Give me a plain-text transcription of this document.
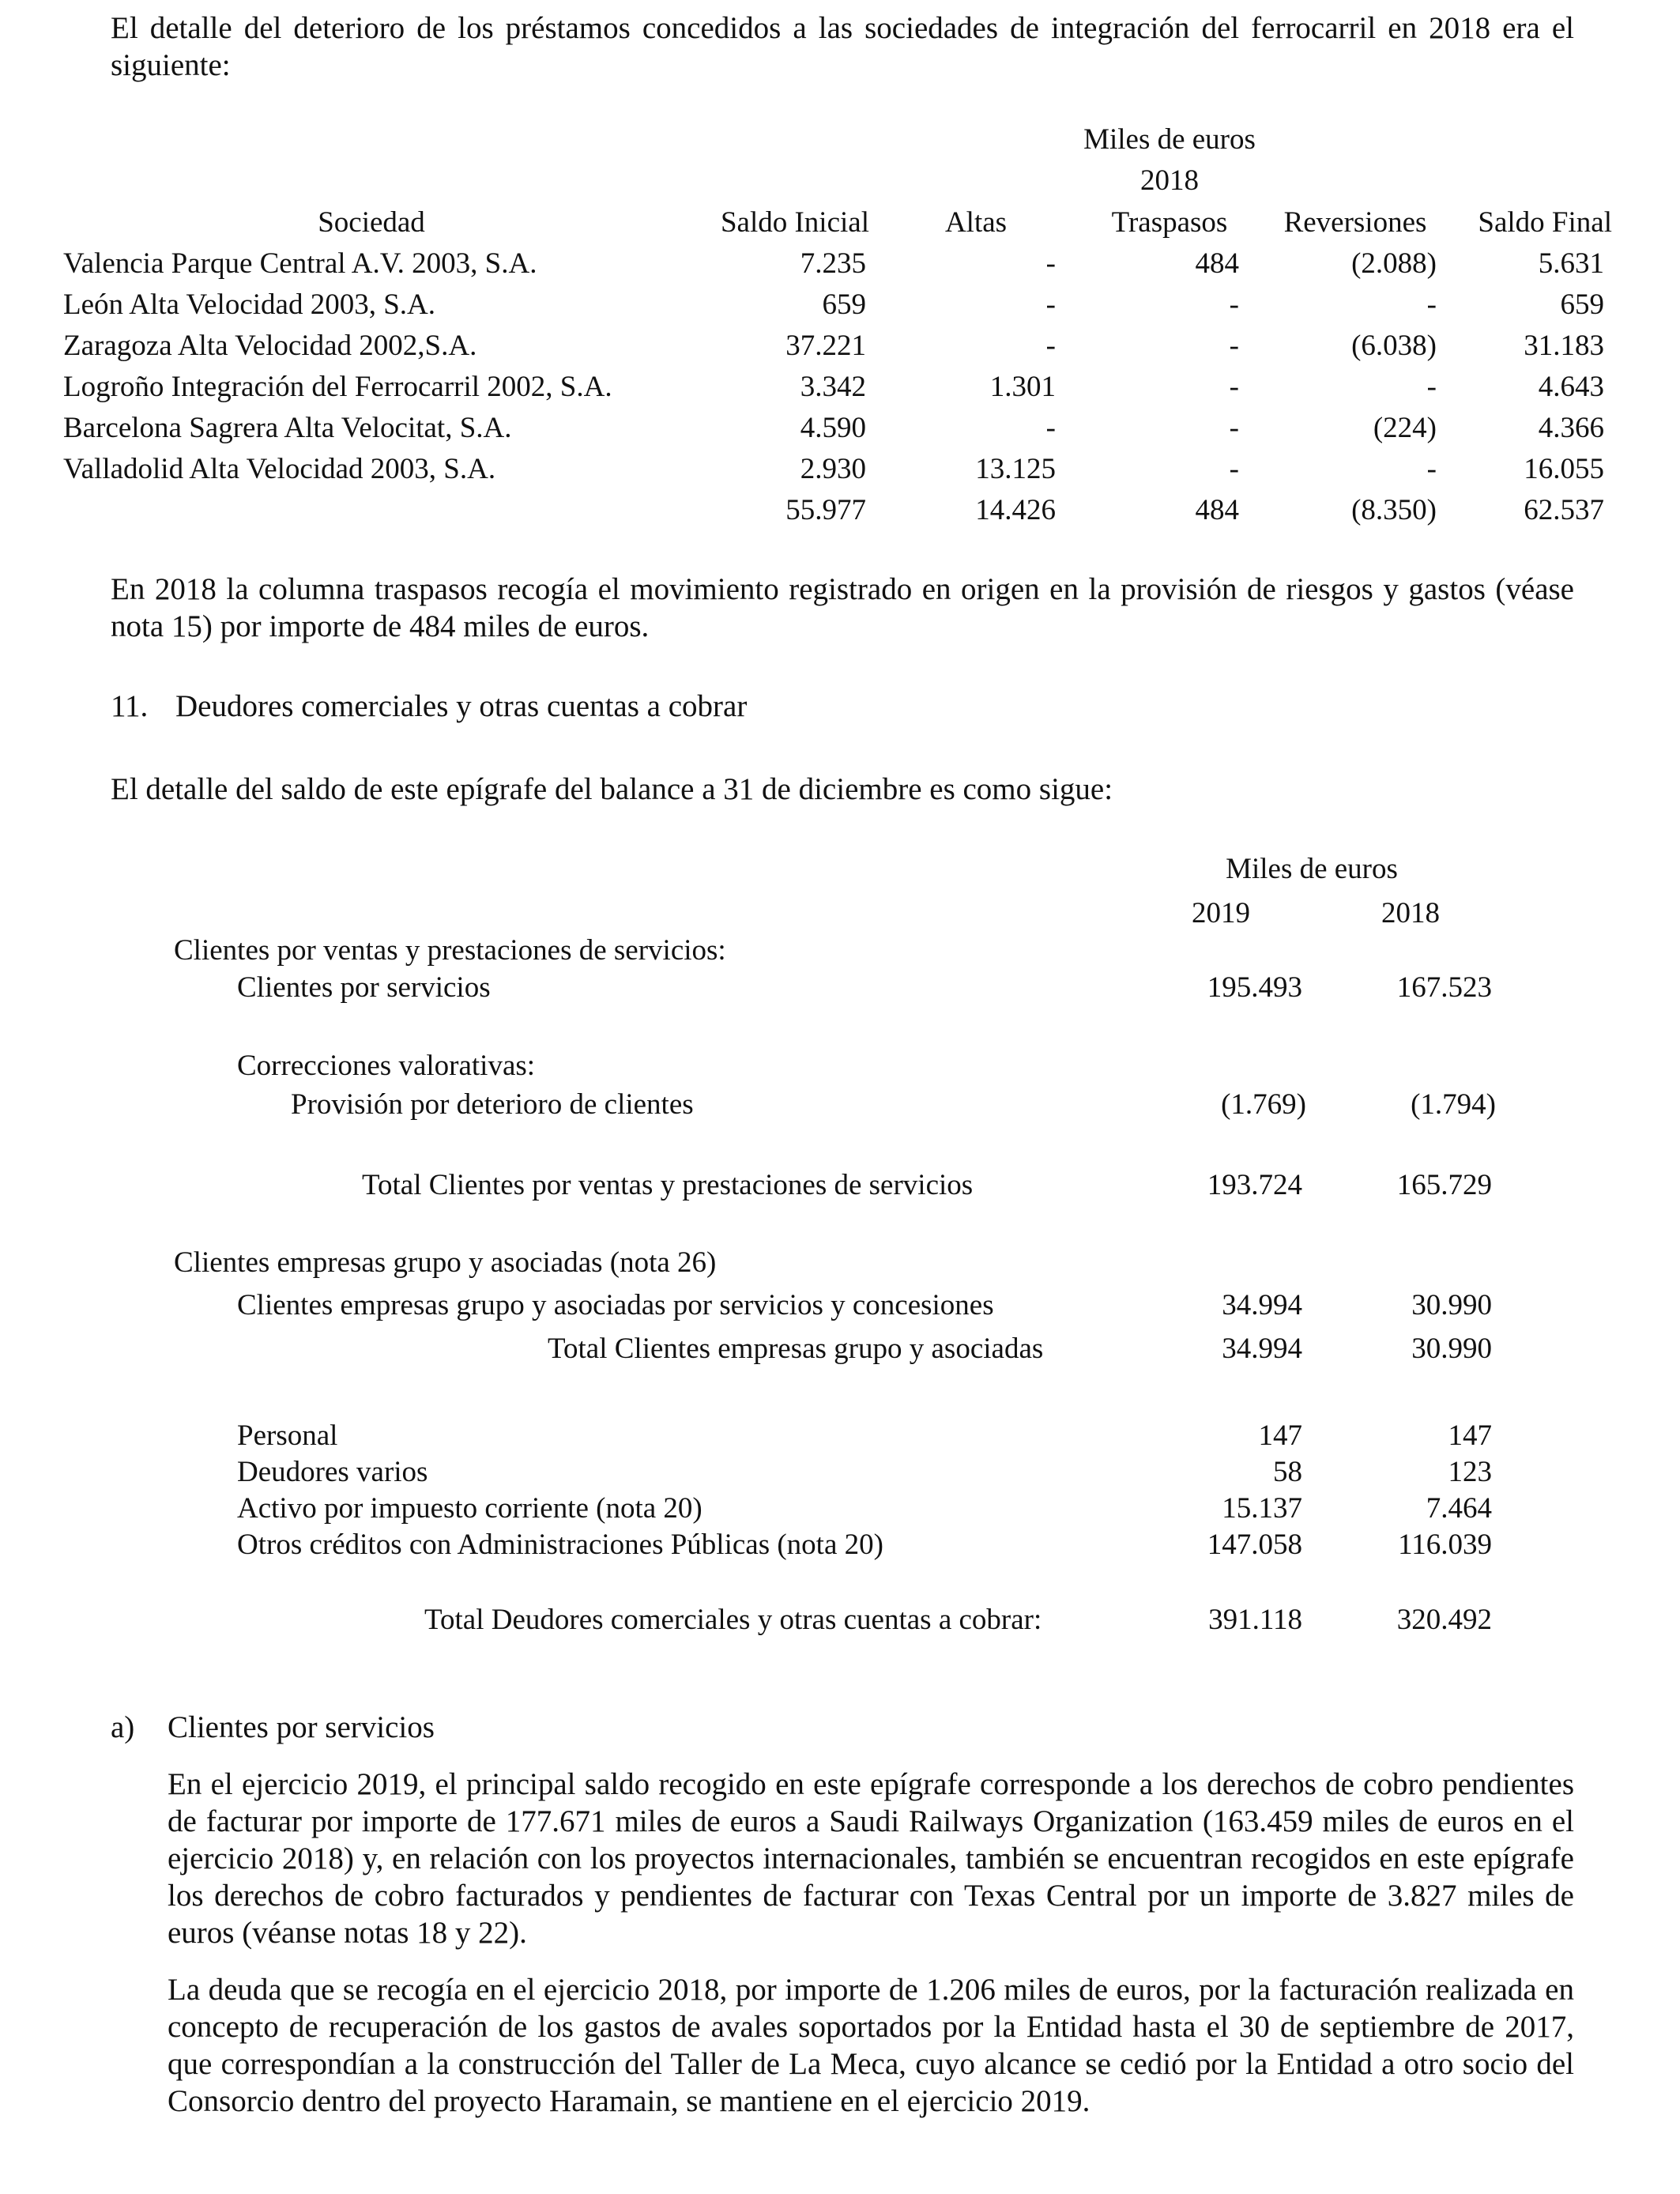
El detalle del deterioro de los préstamos concedidos a las sociedades de integración del ferrocarril en 2018 era el siguiente:
Miles de euros
2018
Sociedad	Saldo Inicial	Altas	Traspasos	Reversiones	Saldo Final
Valencia Parque Central A.V. 2003, S.A.	7.235	-	484	(2.088)	5.631
León Alta Velocidad 2003, S.A.	659	-	-	-	659
Zaragoza Alta Velocidad 2002,S.A.	37.221	-	-	(6.038)	31.183
Logroño Integración del Ferrocarril 2002, S.A.	3.342	1.301	-	-	4.643
Barcelona Sagrera Alta Velocitat, S.A.	4.590	-	-	(224)	4.366
Valladolid Alta Velocidad 2003, S.A.	2.930	13.125	-	-	16.055
55.977	14.426	484	(8.350)	62.537
En 2018 la columna traspasos recogía el movimiento registrado en origen en la provisión de riesgos y gastos (véase nota 15) por importe de 484 miles de euros.
11. Deudores comerciales y otras cuentas a cobrar
El detalle del saldo de este epígrafe del balance a 31 de diciembre es como sigue:
Miles de euros
2019	2018
Clientes por ventas y prestaciones de servicios:
Clientes por servicios	195.493	167.523
Correcciones valorativas:
Provisión por deterioro de clientes	(1.769)	(1.794)
Total Clientes por ventas y prestaciones de servicios	193.724	165.729
Clientes empresas grupo y asociadas (nota 26)
Clientes empresas grupo y asociadas por servicios y concesiones	34.994	30.990
Total Clientes empresas grupo y asociadas	34.994	30.990
Personal	147	147
Deudores varios	58	123
Activo por impuesto corriente (nota 20)	15.137	7.464
Otros créditos con Administraciones Públicas (nota 20)	147.058	116.039
Total Deudores comerciales y otras cuentas a cobrar:	391.118	320.492
a) Clientes por servicios
En el ejercicio 2019, el principal saldo recogido en este epígrafe corresponde a los derechos de cobro pendientes de facturar por importe de 177.671 miles de euros a Saudi Railways Organization (163.459 miles de euros en el ejercicio 2018) y, en relación con los proyectos internacionales, también se encuentran recogidos en este epígrafe los derechos de cobro facturados y pendientes de facturar con Texas Central por un importe de 3.827 miles de euros (véanse notas 18 y 22).
La deuda que se recogía en el ejercicio 2018, por importe de 1.206 miles de euros, por la facturación realizada en concepto de recuperación de los gastos de avales soportados por la Entidad hasta el 30 de septiembre de 2017, que correspondían a la construcción del Taller de La Meca, cuyo alcance se cedió por la Entidad a otro socio del Consorcio dentro del proyecto Haramain, se mantiene en el ejercicio 2019.
